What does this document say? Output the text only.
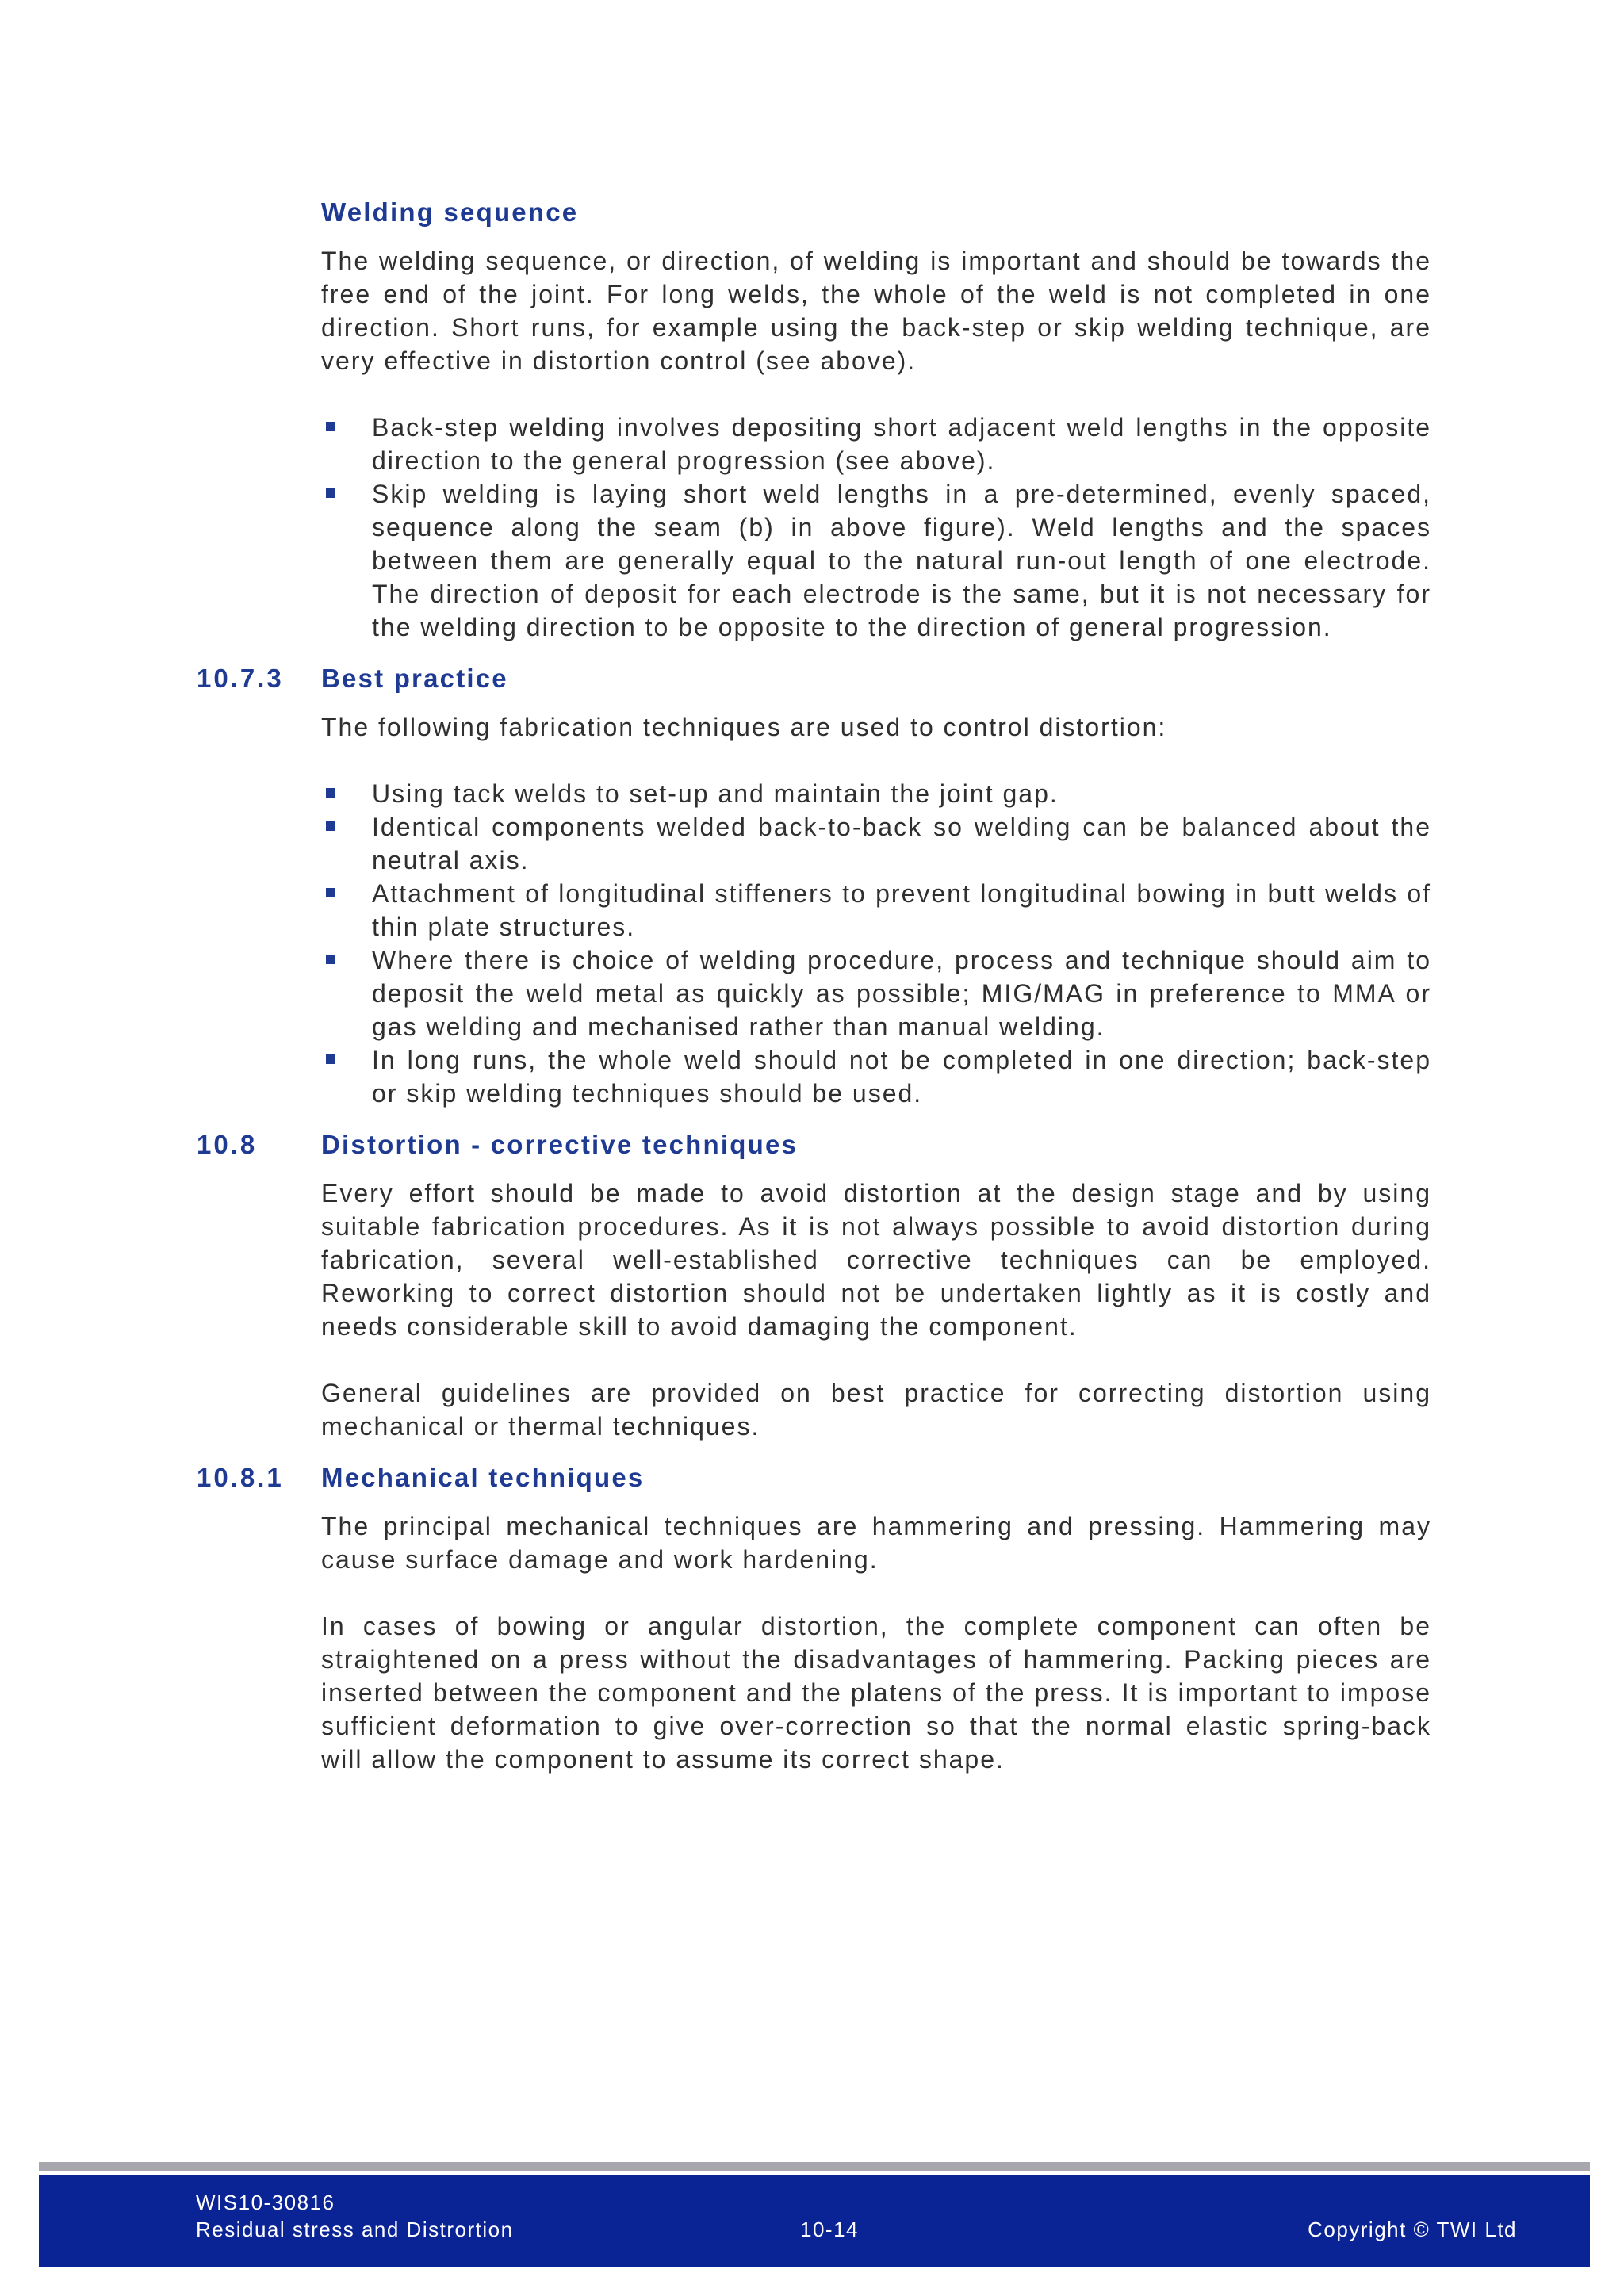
Welding sequence

The welding sequence, or direction, of welding is important and should be towards the free end of the joint. For long welds, the whole of the weld is not completed in one direction. Short runs, for example using the back-step or skip welding technique, are very effective in distortion control (see above).

Back-step welding involves depositing short adjacent weld lengths in the opposite direction to the general progression (see above).
Skip welding is laying short weld lengths in a pre-determined, evenly spaced, sequence along the seam (b) in above figure). Weld lengths and the spaces between them are generally equal to the natural run-out length of one electrode. The direction of deposit for each electrode is the same, but it is not necessary for the welding direction to be opposite to the direction of general progression.
10.7.3 Best practice

The following fabrication techniques are used to control distortion:

Using tack welds to set-up and maintain the joint gap.
Identical components welded back-to-back so welding can be balanced about the neutral axis.
Attachment of longitudinal stiffeners to prevent longitudinal bowing in butt welds of thin plate structures.
Where there is choice of welding procedure, process and technique should aim to deposit the weld metal as quickly as possible; MIG/MAG in preference to MMA or gas welding and mechanised rather than manual welding.
In long runs, the whole weld should not be completed in one direction; back-step or skip welding techniques should be used.
10.8 Distortion - corrective techniques

Every effort should be made to avoid distortion at the design stage and by using suitable fabrication procedures. As it is not always possible to avoid distortion during fabrication, several well-established corrective techniques can be employed. Reworking to correct distortion should not be undertaken lightly as it is costly and needs considerable skill to avoid damaging the component.

General guidelines are provided on best practice for correcting distortion using mechanical or thermal techniques.

10.8.1 Mechanical techniques

The principal mechanical techniques are hammering and pressing. Hammering may cause surface damage and work hardening.

In cases of bowing or angular distortion, the complete component can often be straightened on a press without the disadvantages of hammering. Packing pieces are inserted between the component and the platens of the press. It is important to impose sufficient deformation to give over-correction so that the normal elastic spring-back will allow the component to assume its correct shape.

WIS10-30816
Residual stress and Distrortion	10-14	Copyright © TWI Ltd
